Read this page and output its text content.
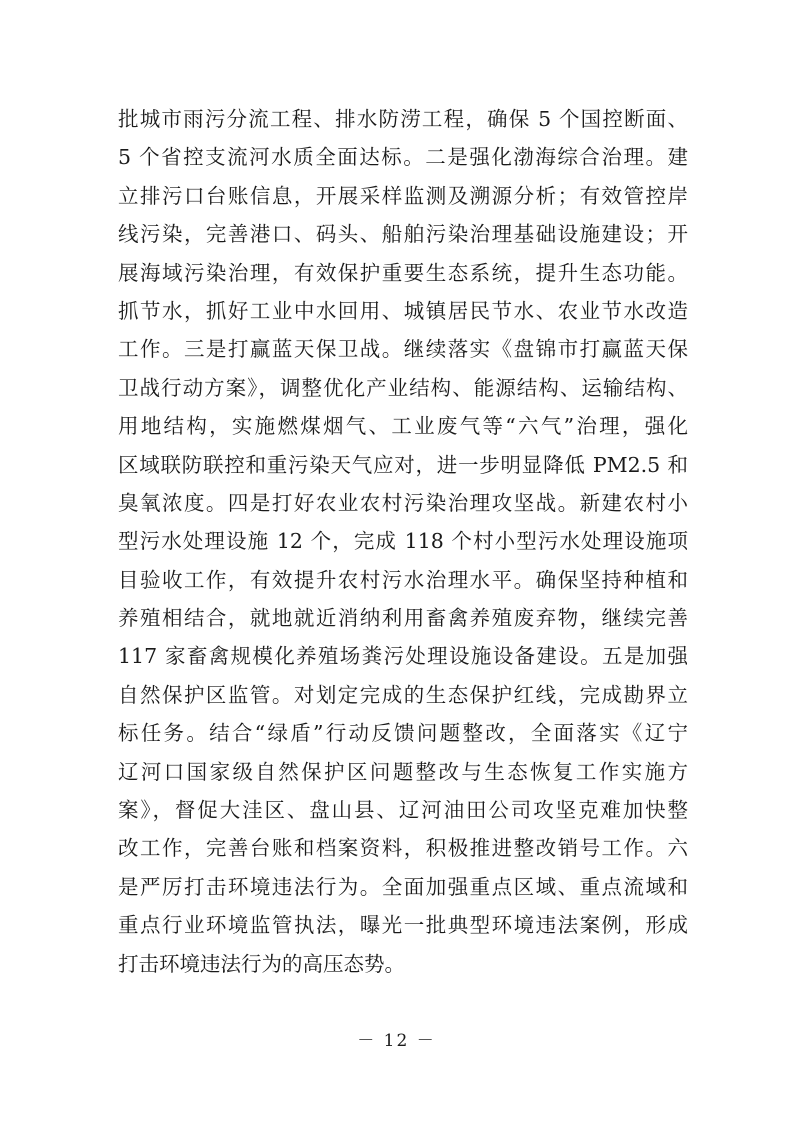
批城市雨污分流工程、排水防涝工程，确保 5 个国控断面、
5 个省控支流河水质全面达标。二是强化渤海综合治理。建
立排污口台账信息，开展采样监测及溯源分析；有效管控岸
线污染，完善港口、码头、船舶污染治理基础设施建设；开
展海域污染治理，有效保护重要生态系统，提升生态功能。
抓节水，抓好工业中水回用、城镇居民节水、农业节水改造
工作。三是打赢蓝天保卫战。继续落实《盘锦市打赢蓝天保
卫战行动方案》，调整优化产业结构、能源结构、运输结构、
用地结构，实施燃煤烟气、工业废气等“六气”治理，强化
区域联防联控和重污染天气应对，进一步明显降低 PM2.5 和
臭氧浓度。四是打好农业农村污染治理攻坚战。新建农村小
型污水处理设施 12 个，完成 118 个村小型污水处理设施项
目验收工作，有效提升农村污水治理水平。确保坚持种植和
养殖相结合，就地就近消纳利用畜禽养殖废弃物，继续完善
117 家畜禽规模化养殖场粪污处理设施设备建设。五是加强
自然保护区监管。对划定完成的生态保护红线，完成勘界立
标任务。结合“绿盾”行动反馈问题整改，全面落实《辽宁
辽河口国家级自然保护区问题整改与生态恢复工作实施方
案》，督促大洼区、盘山县、辽河油田公司攻坚克难加快整
改工作，完善台账和档案资料，积极推进整改销号工作。六
是严厉打击环境违法行为。全面加强重点区域、重点流域和
重点行业环境监管执法，曝光一批典型环境违法案例，形成
打击环境违法行为的高压态势。
－ 12 －
